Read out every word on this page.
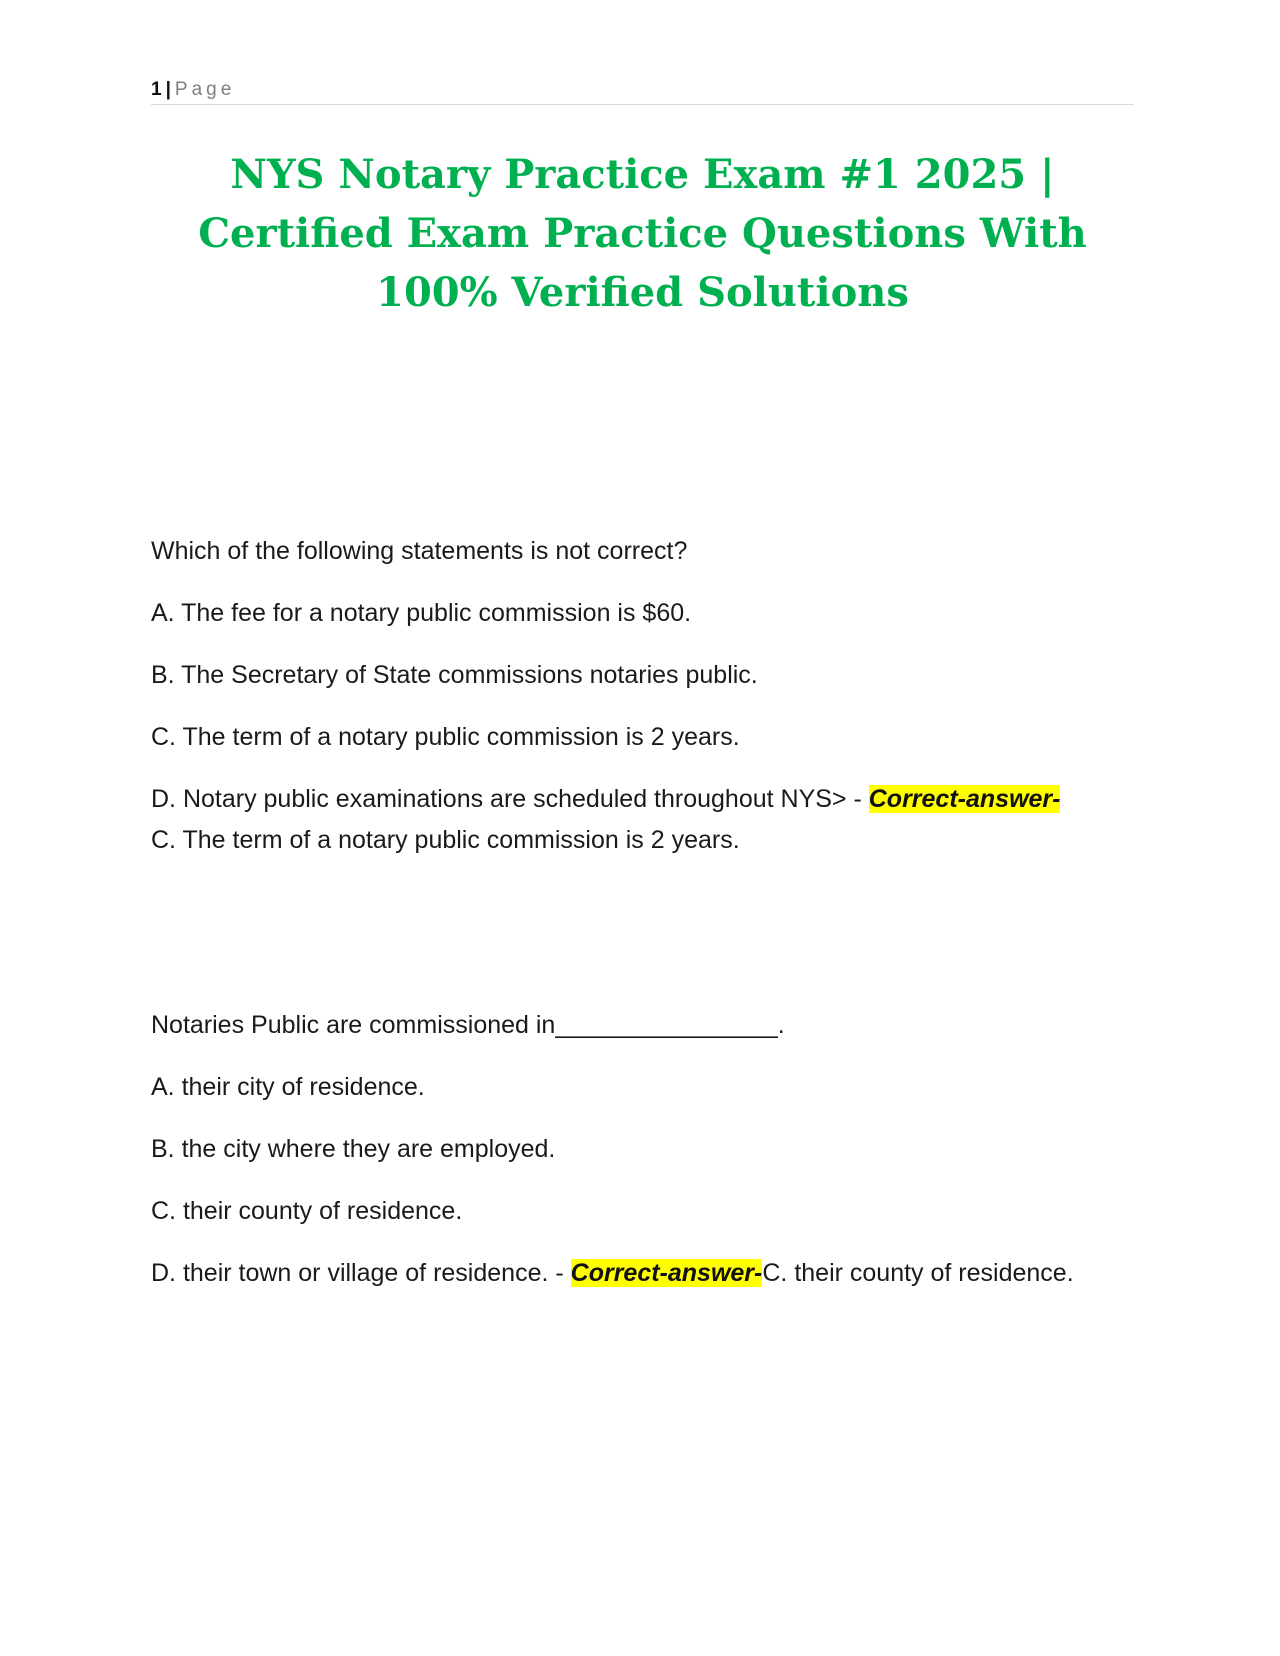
1 | Page
NYS Notary Practice Exam #1 2025 | Certified Exam Practice Questions With 100% Verified Solutions

Which of the following statements is not correct?

A. The fee for a notary public commission is $60.

B. The Secretary of State commissions notaries public.

C. The term of a notary public commission is 2 years.

D. Notary public examinations are scheduled throughout NYS> - Correct-answer-
C. The term of a notary public commission is 2 years.

Notaries Public are commissioned in________________.

A. their city of residence.

B. the city where they are employed.

C. their county of residence.

D. their town or village of residence. - Correct-answer-C. their county of residence.
